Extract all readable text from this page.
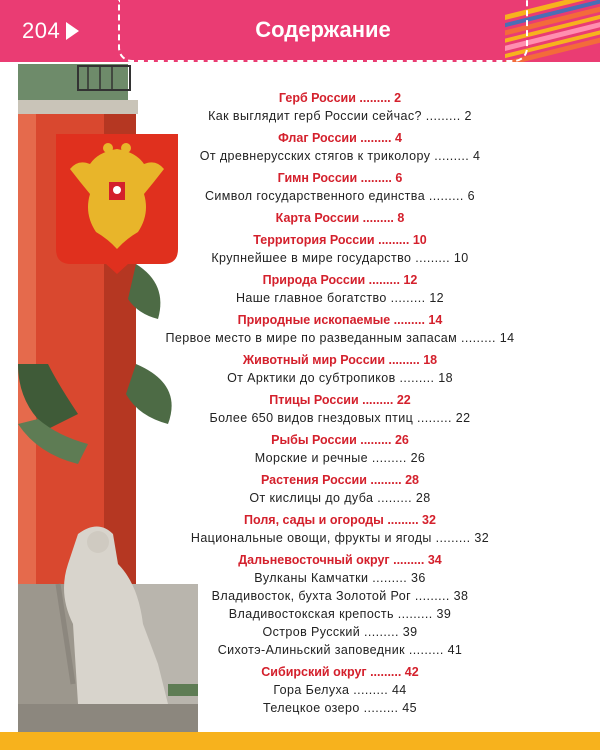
204	Содержание
Герб России ......... 2
Как выглядит герб России сейчас? ......... 2
Флаг России ......... 4
От древнерусских стягов к триколору ......... 4
Гимн России ......... 6
Символ государственного единства ......... 6
Карта России ......... 8
Территория России ......... 10
Крупнейшее в мире государство ......... 10
Природа России ......... 12
Наше главное богатство ......... 12
Природные ископаемые ......... 14
Первое место в мире по разведанным запасам ......... 14
Животный мир России ......... 18
От Арктики до субтропиков ......... 18
Птицы России ......... 22
Более 650 видов гнездовых птиц ......... 22
Рыбы России ......... 26
Морские и речные ......... 26
Растения России ......... 28
От кислицы до дуба ......... 28
Поля, сады и огороды ......... 32
Национальные овощи, фрукты и ягоды ......... 32
Дальневосточный округ ......... 34
Вулканы Камчатки ......... 36
Владивосток, бухта Золотой Рог ......... 38
Владивостокская крепость ......... 39
Остров Русский ......... 39
Сихотэ-Алиньский заповедник ......... 41
Сибирский округ ......... 42
Гора Белуха ......... 44
Телецкое озеро ......... 45
